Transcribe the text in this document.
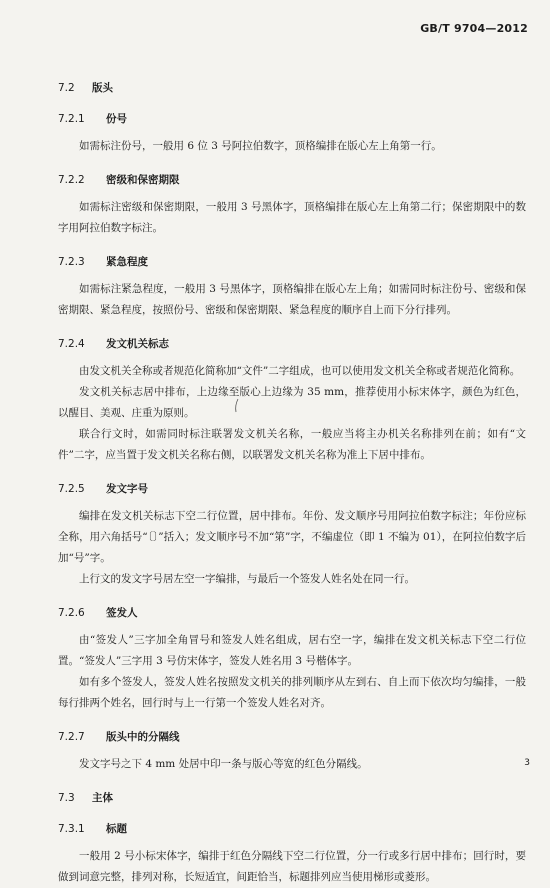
GB/T 9704—2012
7.2 版头
7.2.1 份号

如需标注份号，一般用 6 位 3 号阿拉伯数字，顶格编排在版心左上角第一行。

7.2.2 密级和保密期限

如需标注密级和保密期限，一般用 3 号黑体字，顶格编排在版心左上角第二行；保密期限中的数字用阿拉伯数字标注。

7.2.3 紧急程度

如需标注紧急程度，一般用 3 号黑体字，顶格编排在版心左上角；如需同时标注份号、密级和保密期限、紧急程度，按照份号、密级和保密期限、紧急程度的顺序自上而下分行排列。

7.2.4 发文机关标志

由发文机关全称或者规范化简称加“文件”二字组成，也可以使用发文机关全称或者规范化简称。

发文机关标志居中排布，上边缘至版心上边缘为 35 mm，推荐使用小标宋体字，颜色为红色，以醒目、美观、庄重为原则。

联合行文时，如需同时标注联署发文机关名称，一般应当将主办机关名称排列在前；如有“文件”二字，应当置于发文机关名称右侧，以联署发文机关名称为准上下居中排布。

7.2.5 发文字号

编排在发文机关标志下空二行位置，居中排布。年份、发文顺序号用阿拉伯数字标注；年份应标全称，用六角括号“〔〕”括入；发文顺序号不加“第”字，不编虚位（即 1 不编为 01），在阿拉伯数字后加“号”字。

上行文的发文字号居左空一字编排，与最后一个签发人姓名处在同一行。

7.2.6 签发人

由“签发人”三字加全角冒号和签发人姓名组成，居右空一字，编排在发文机关标志下空二行位置。“签发人”三字用 3 号仿宋体字，签发人姓名用 3 号楷体字。

如有多个签发人，签发人姓名按照发文机关的排列顺序从左到右、自上而下依次均匀编排，一般每行排两个姓名，回行时与上一行第一个签发人姓名对齐。

7.2.7 版头中的分隔线

发文字号之下 4 mm 处居中印一条与版心等宽的红色分隔线。

7.3 主体
7.3.1 标题

一般用 2 号小标宋体字，编排于红色分隔线下空二行位置，分一行或多行居中排布；回行时，要做到词意完整，排列对称，长短适宜，间距恰当，标题排列应当使用梯形或菱形。

3
